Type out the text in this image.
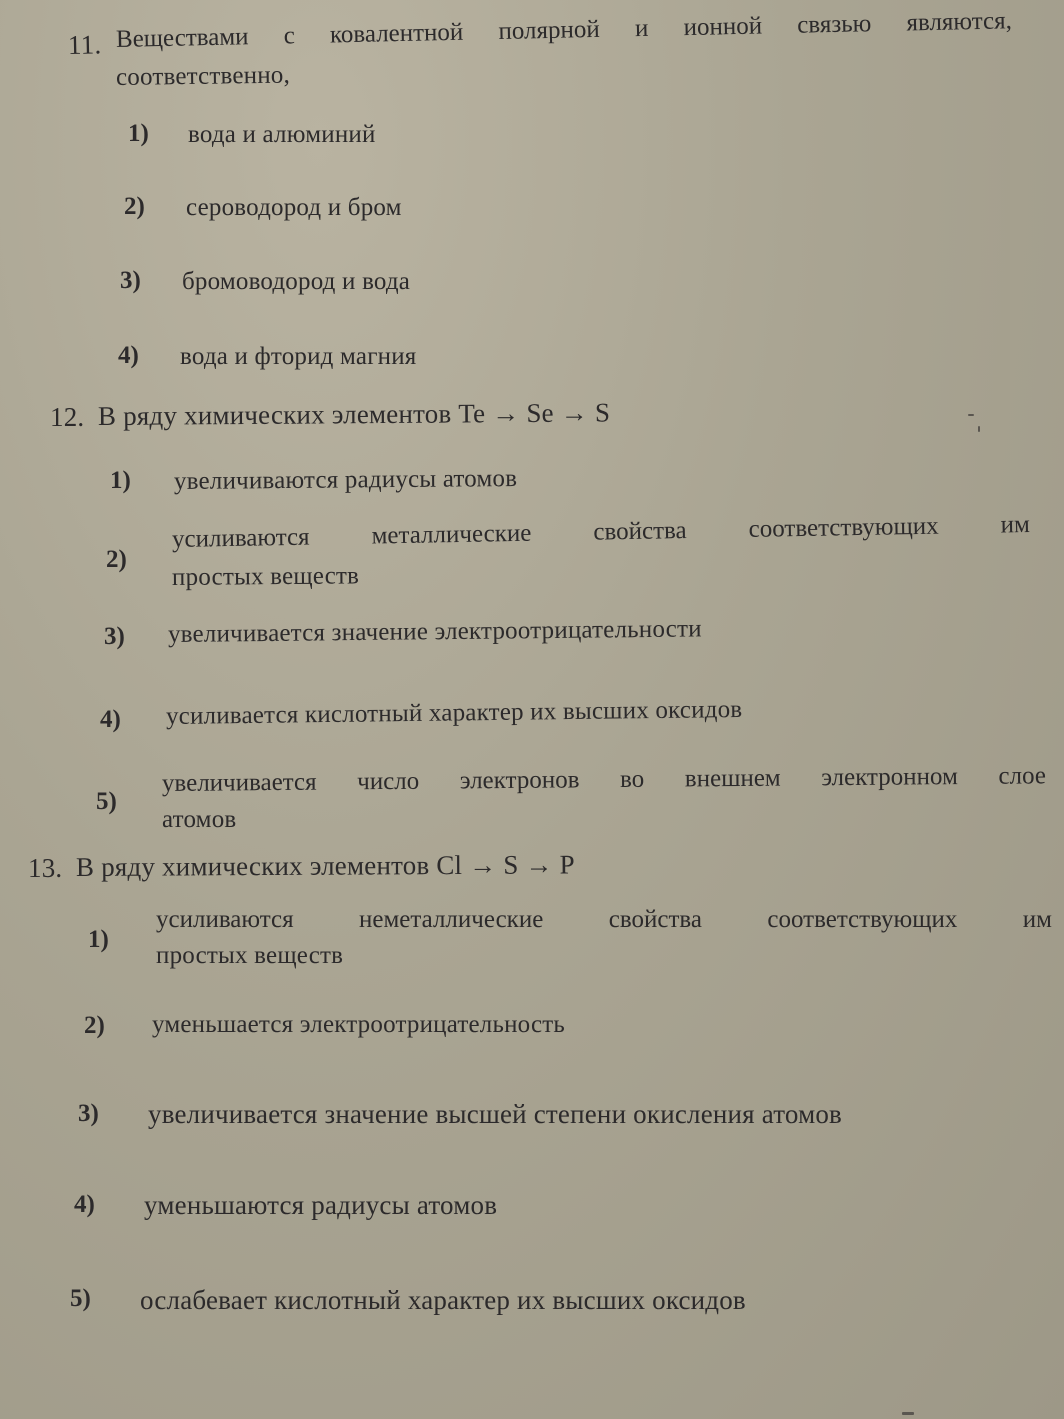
11. Веществами с ковалентной полярной и ионной связью являются,
соответственно,
1) вода и алюминий
2) сероводород и бром
3) бромоводород и вода
4) вода и фторид магния
12. В ряду химических элементов Te → Se → S
1) увеличиваются радиусы атомов
2)
усиливаются металлические свойства соответствующих им
простых веществ
3) увеличивается значение электроотрицательности
4) усиливается кислотный характер их высших оксидов
5)
увеличивается число электронов во внешнем электронном слое
атомов
13. В ряду химических элементов Cl → S → P
1)
усиливаются	неметаллические	свойства	соответствующих	им
простых веществ
2) уменьшается электроотрицательность
3) увеличивается значение высшей степени окисления атомов
4) уменьшаются радиусы атомов
5) ослабевает кислотный характер их высших оксидов
